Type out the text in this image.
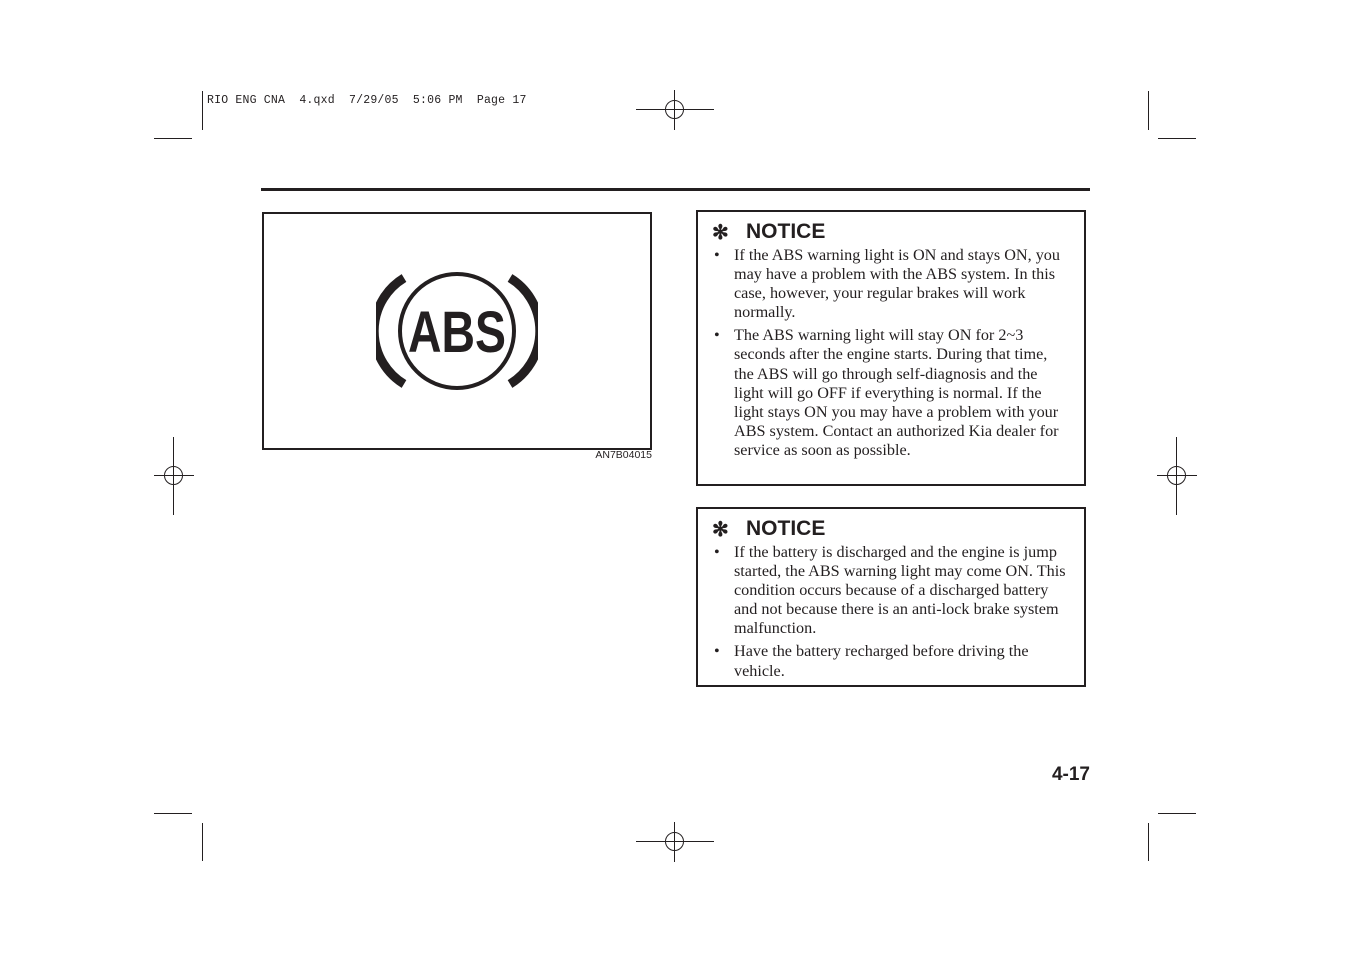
RIO ENG CNA  4.qxd  7/29/05  5:06 PM  Page 17
ABS
AN7B04015
✻ NOTICE
• If the ABS warning light is ON and stays ON, you may have a problem with the ABS system. In this case, however, your regular brakes will work normally.
• The ABS warning light will stay ON for 2~3 seconds after the engine starts. During that time, the ABS will go through self-diagnosis and the light will go OFF if everything is normal. If the light stays ON you may have a problem with your ABS system. Contact an authorized Kia dealer for service as soon as possible.
✻ NOTICE
• If the battery is discharged and the engine is jump started, the ABS warning light may come ON. This condition occurs because of a discharged battery and not because there is an anti-lock brake system malfunction.
• Have the battery recharged before driving the vehicle.
4-17
